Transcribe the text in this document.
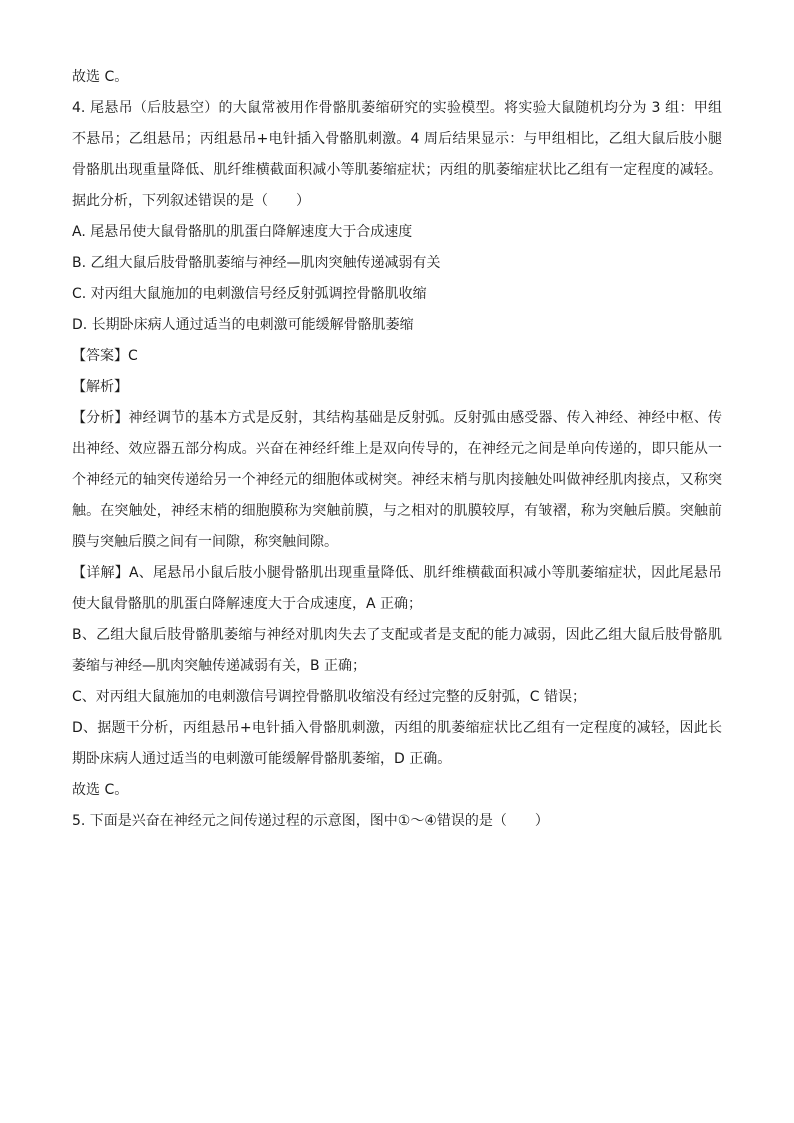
故选 C。
4. 尾悬吊（后肢悬空）的大鼠常被用作骨骼肌萎缩研究的实验模型。将实验大鼠随机均分为 3 组：甲组不悬吊；乙组悬吊；丙组悬吊+电针插入骨骼肌刺激。4 周后结果显示：与甲组相比，乙组大鼠后肢小腿骨骼肌出现重量降低、肌纤维横截面积减小等肌萎缩症状；丙组的肌萎缩症状比乙组有一定程度的减轻。据此分析，下列叙述错误的是（　　）
A. 尾悬吊使大鼠骨骼肌的肌蛋白降解速度大于合成速度
B. 乙组大鼠后肢骨骼肌萎缩与神经—肌肉突触传递减弱有关
C. 对丙组大鼠施加的电刺激信号经反射弧调控骨骼肌收缩
D. 长期卧床病人通过适当的电刺激可能缓解骨骼肌萎缩
【答案】C
【解析】
【分析】神经调节的基本方式是反射，其结构基础是反射弧。反射弧由感受器、传入神经、神经中枢、传出神经、效应器五部分构成。兴奋在神经纤维上是双向传导的，在神经元之间是单向传递的，即只能从一个神经元的轴突传递给另一个神经元的细胞体或树突。神经末梢与肌肉接触处叫做神经肌肉接点，又称突触。在突触处，神经末梢的细胞膜称为突触前膜，与之相对的肌膜较厚，有皱褶，称为突触后膜。突触前膜与突触后膜之间有一间隙，称突触间隙。
【详解】A、尾悬吊小鼠后肢小腿骨骼肌出现重量降低、肌纤维横截面积减小等肌萎缩症状，因此尾悬吊使大鼠骨骼肌的肌蛋白降解速度大于合成速度，A 正确；
B、乙组大鼠后肢骨骼肌萎缩与神经对肌肉失去了支配或者是支配的能力减弱，因此乙组大鼠后肢骨骼肌萎缩与神经—肌肉突触传递减弱有关，B 正确；
C、对丙组大鼠施加的电刺激信号调控骨骼肌收缩没有经过完整的反射弧，C 错误；
D、据题干分析，丙组悬吊+电针插入骨骼肌刺激，丙组的肌萎缩症状比乙组有一定程度的减轻，因此长期卧床病人通过适当的电刺激可能缓解骨骼肌萎缩，D 正确。
故选 C。
5. 下面是兴奋在神经元之间传递过程的示意图，图中①～④错误的是（　　）
